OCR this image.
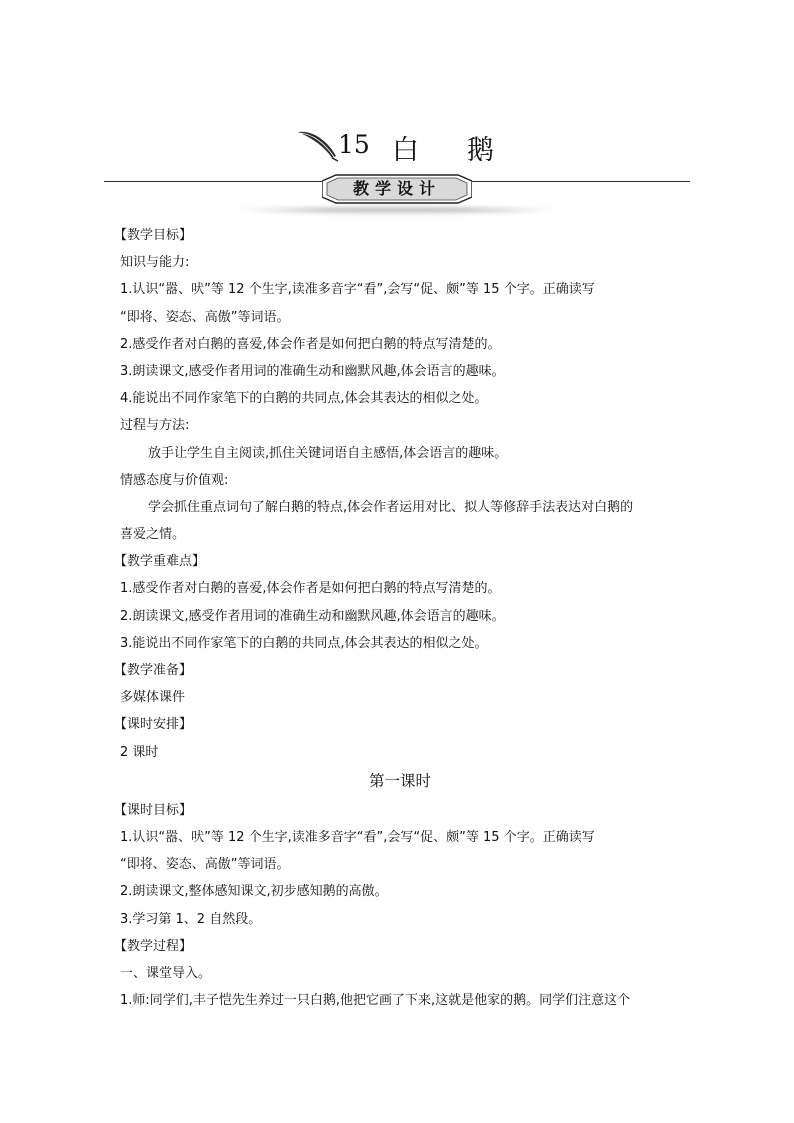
15 白鹅
教学设计
【教学目标】
知识与能力:
1.认识“嚣、吠”等 12 个生字,读准多音字“看”,会写“促、颇”等 15 个字。正确读写
“即将、姿态、高傲”等词语。
2.感受作者对白鹅的喜爱,体会作者是如何把白鹅的特点写清楚的。
3.朗读课文,感受作者用词的准确生动和幽默风趣,体会语言的趣味。
4.能说出不同作家笔下的白鹅的共同点,体会其表达的相似之处。
过程与方法:
放手让学生自主阅读,抓住关键词语自主感悟,体会语言的趣味。
情感态度与价值观:
学会抓住重点词句了解白鹅的特点,体会作者运用对比、拟人等修辞手法表达对白鹅的
喜爱之情。
【教学重难点】
1.感受作者对白鹅的喜爱,体会作者是如何把白鹅的特点写清楚的。
2.朗读课文,感受作者用词的准确生动和幽默风趣,体会语言的趣味。
3.能说出不同作家笔下的白鹅的共同点,体会其表达的相似之处。
【教学准备】
多媒体课件
【课时安排】
2 课时
第一课时
【课时目标】
1.认识“嚣、吠”等 12 个生字,读准多音字“看”,会写“促、颇”等 15 个字。正确读写
“即将、姿态、高傲”等词语。
2.朗读课文,整体感知课文,初步感知鹅的高傲。
3.学习第 1、2 自然段。
【教学过程】
一、课堂导入。
1.师:同学们,丰子恺先生养过一只白鹅,他把它画了下来,这就是他家的鹅。同学们注意这个
